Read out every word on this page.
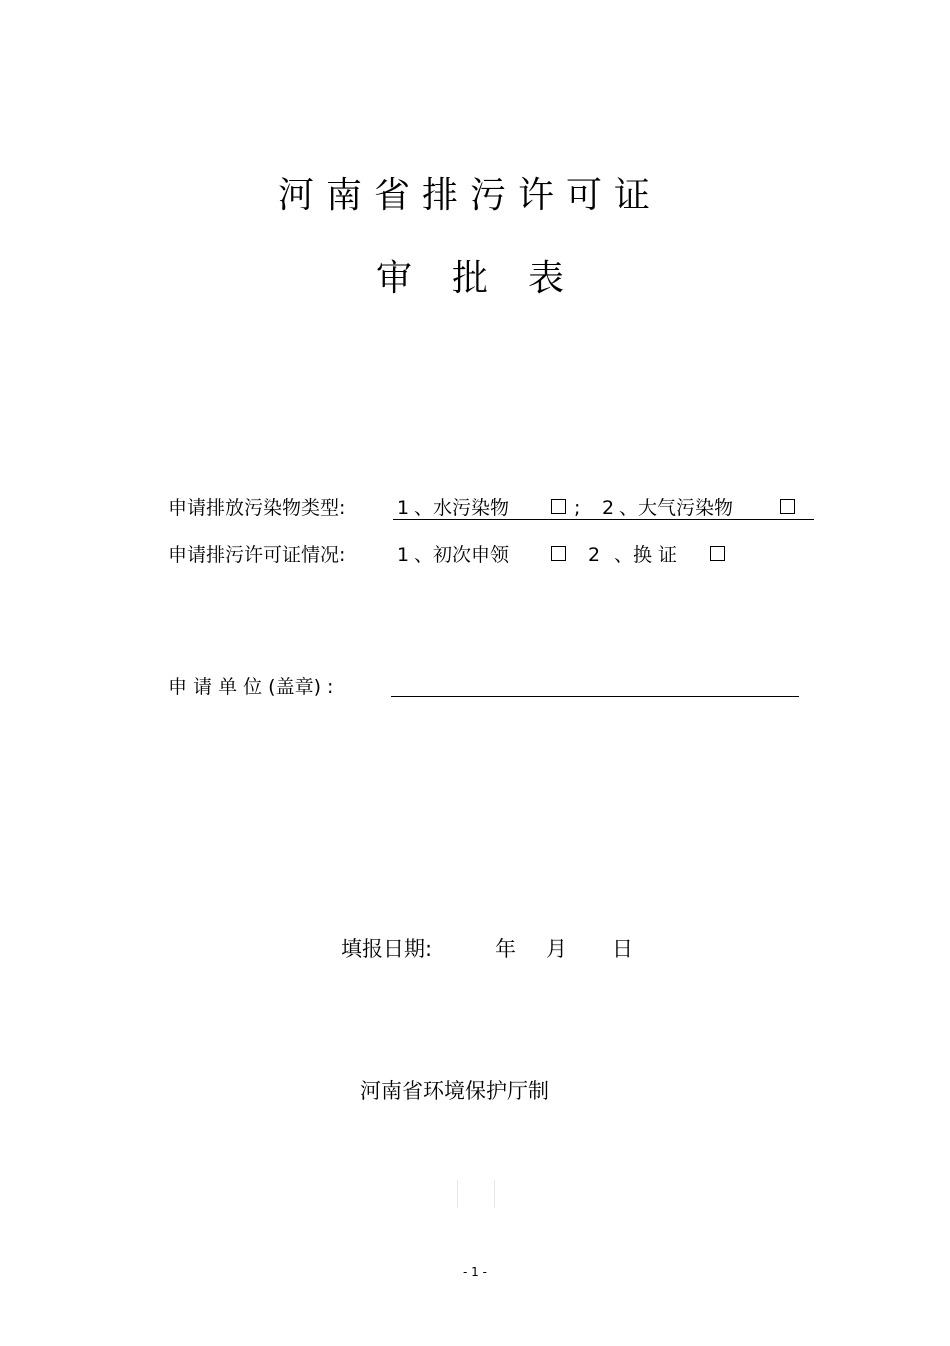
河南省排污许可证
审批表
申请排放污染物类型:	1 、水污染物	; 2 、大气污染物
申请排污许可证情况:	1 、初次申领	2 、换 证
申 请 单 位 (盖章) :
填报日期:	年 月 日
河南省环境保护厅制
- 1 -
